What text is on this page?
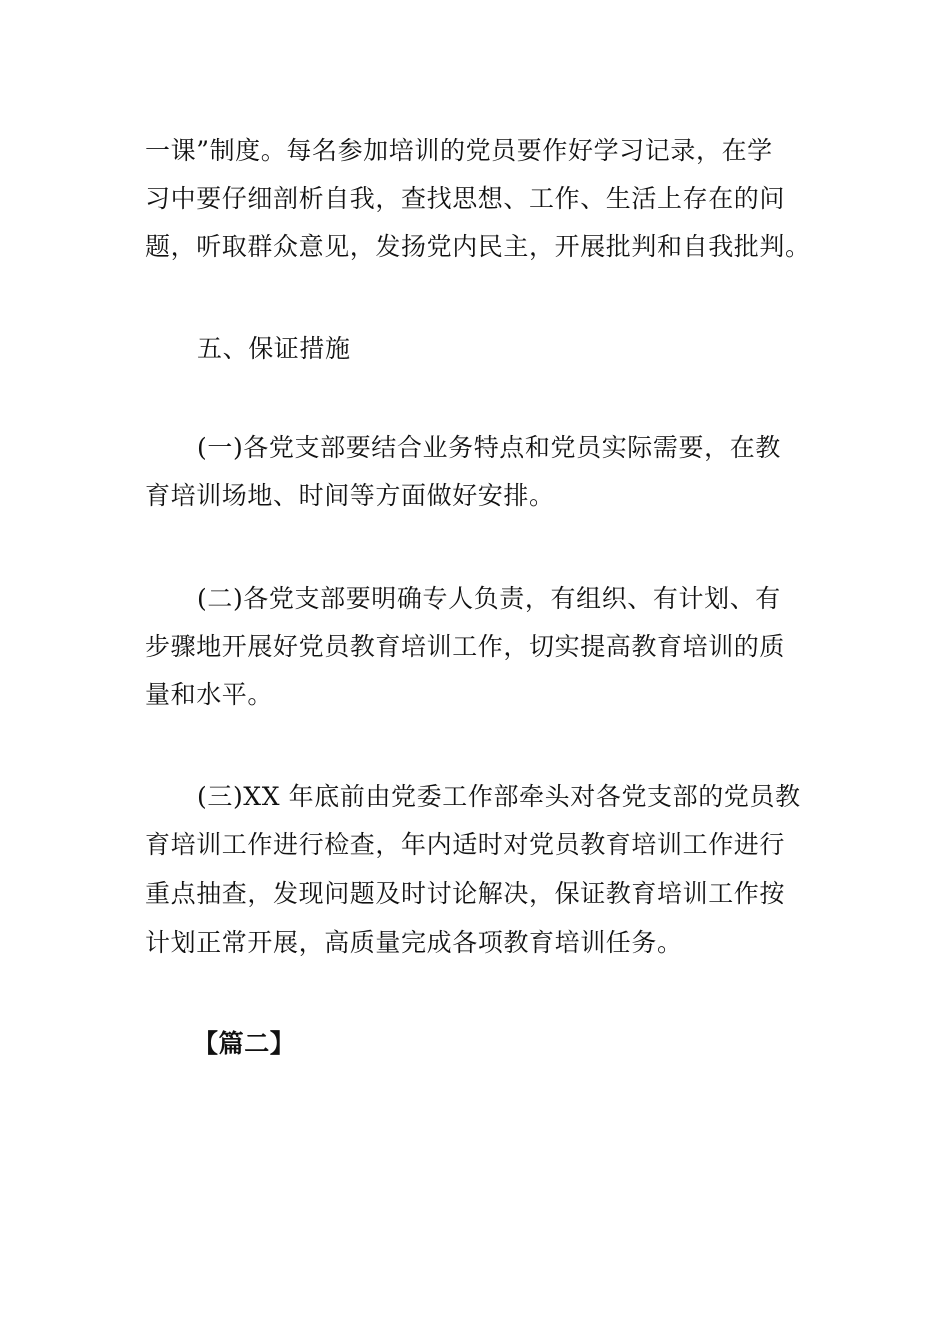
一课”制度。每名参加培训的党员要作好学习记录，在学
习中要仔细剖析自我，查找思想、工作、生活上存在的问
题，听取群众意见，发扬党内民主，开展批判和自我批判。
五、保证措施
(一)各党支部要结合业务特点和党员实际需要，在教
育培训场地、时间等方面做好安排。
(二)各党支部要明确专人负责，有组织、有计划、有
步骤地开展好党员教育培训工作，切实提高教育培训的质
量和水平。
(三)XX 年底前由党委工作部牵头对各党支部的党员教
育培训工作进行检查，年内适时对党员教育培训工作进行
重点抽查，发现问题及时讨论解决，保证教育培训工作按
计划正常开展，高质量完成各项教育培训任务。
【篇二】
